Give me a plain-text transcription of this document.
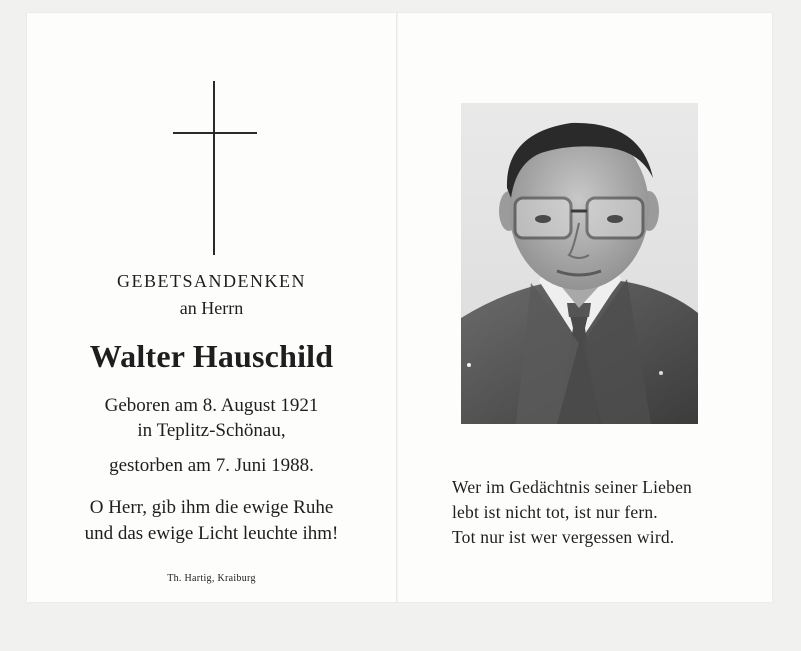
GEBETSANDENKEN
an Herrn
Walter Hauschild
Geboren am 8. August 1921
in Teplitz-Schönau,
gestorben am 7. Juni 1988.
O Herr, gib ihm die ewige Ruhe
und das ewige Licht leuchte ihm!
Th. Hartig, Kraiburg
Wer im Gedächtnis seiner Lieben
lebt ist nicht tot, ist nur fern.
Tot nur ist wer vergessen wird.
